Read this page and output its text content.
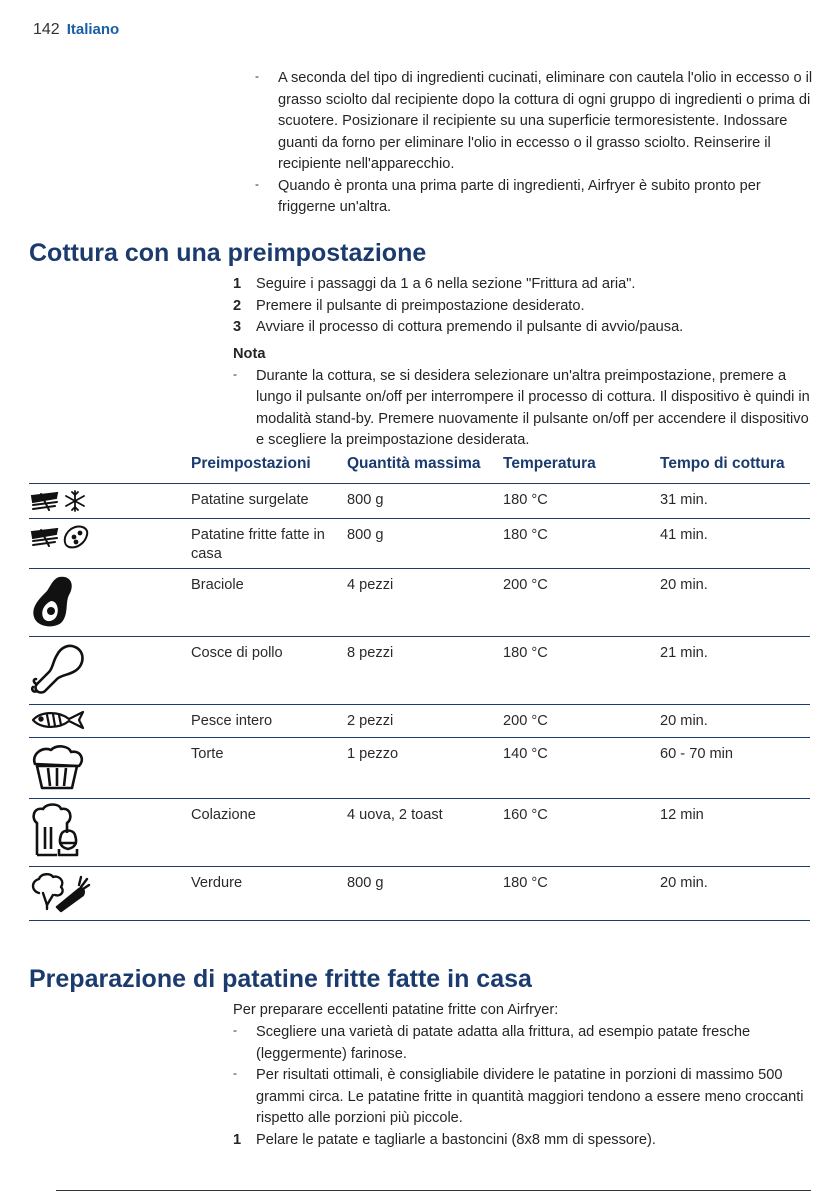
142 Italiano
-	A seconda del tipo di ingredienti cucinati, eliminare con cautela l'olio in eccesso o il grasso sciolto dal recipiente dopo la cottura di ogni gruppo di ingredienti o prima di scuotere. Posizionare il recipiente su una superficie termoresistente. Indossare guanti da forno per eliminare l'olio in eccesso o il grasso sciolto. Reinserire il recipiente nell'apparecchio.
-	Quando è pronta una prima parte di ingredienti, Airfryer è subito pronto per friggerne un'altra.
Cottura con una preimpostazione
1	Seguire i passaggi da 1 a 6 nella sezione "Frittura ad aria".
2	Premere il pulsante di preimpostazione desiderato.
3	Avviare il processo di cottura premendo il pulsante di avvio/pausa.
Nota
-	Durante la cottura, se si desidera selezionare un'altra preimpostazione, premere a lungo il pulsante on/off per interrompere il processo di cottura. Il dispositivo è quindi in modalità stand-by. Premere nuovamente il pulsante on/off per accendere il dispositivo e scegliere la preimpostazione desiderata.
	Preimpostazioni	Quantità massima	Temperatura	Tempo di cottura

	Patatine surgelate	800 g	180 °C	31 min.

	Patatine fritte fatte in casa	800 g	180 °C	41 min.

	Braciole	4 pezzi	200 °C	20 min.

	Cosce di pollo	8 pezzi	180 °C	21 min.

	Pesce intero	2 pezzi	200 °C	20 min.

	Torte	1 pezzo	140 °C	60 - 70 min

	Colazione	4 uova, 2 toast	160 °C	12 min

	Verdure	800 g	180 °C	20 min.
Preparazione di patatine fritte fatte in casa
Per preparare eccellenti patatine fritte con Airfryer:
-	Scegliere una varietà di patate adatta alla frittura, ad esempio patate fresche (leggermente) farinose.
-	Per risultati ottimali, è consigliabile dividere le patatine in porzioni di massimo 500 grammi circa. Le patatine fritte in quantità maggiori tendono a essere meno croccanti rispetto alle porzioni più piccole.
1	Pelare le patate e tagliarle a bastoncini (8x8 mm di spessore).
